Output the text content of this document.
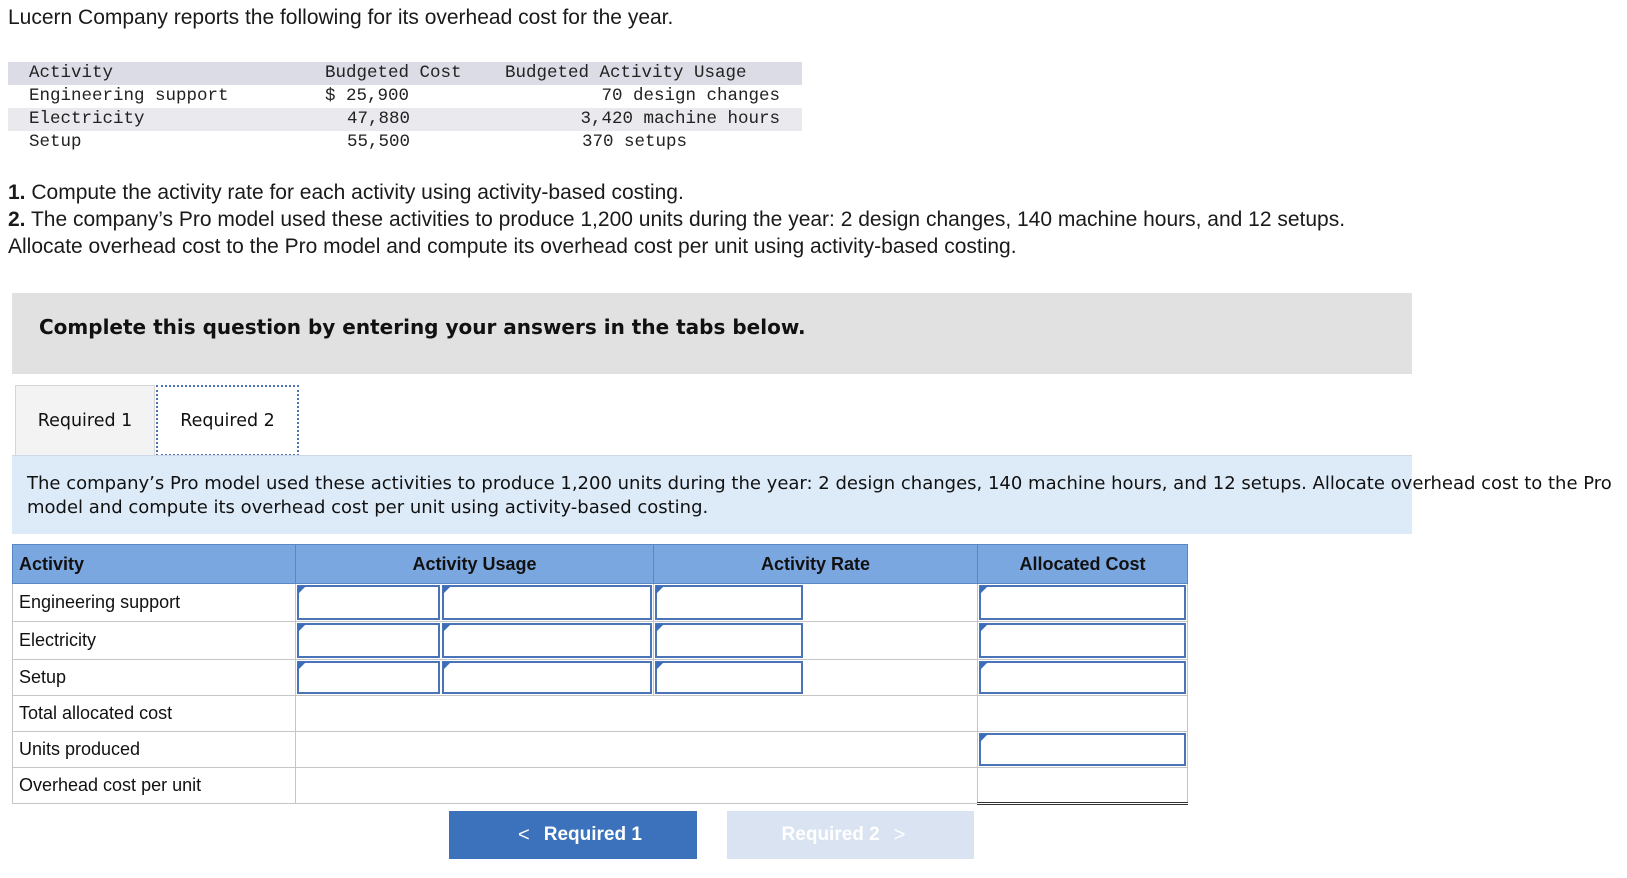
Lucern Company reports the following for its overhead cost for the year.
Activity	Budgeted Cost	Budgeted Activity Usage
Engineering support	$ 25,900	70 design changes
Electricity	47,880	3,420 machine hours
Setup	55,500	370 setups

1. Compute the activity rate for each activity using activity-based costing.

2. The company’s Pro model used these activities to produce 1,200 units during the year: 2 design changes, 140 machine hours, and 12 setups. Allocate overhead cost to the Pro model and compute its overhead cost per unit using activity-based costing.

Complete this question by entering your answers in the tabs below.
Required 1	Required 2

The company’s Pro model used these activities to produce 1,200 units during the year: 2 design changes, 140 machine hours, and 12 setups. Allocate overhead cost to the Pro model and compute its overhead cost per unit using activity-based costing.

Activity	Activity Usage	Activity Rate	Allocated Cost
Engineering support	

Electricity	

Setup	

Total allocated cost			
Units produced			

Overhead cost per unit			
< Required 1	Required 2 >
